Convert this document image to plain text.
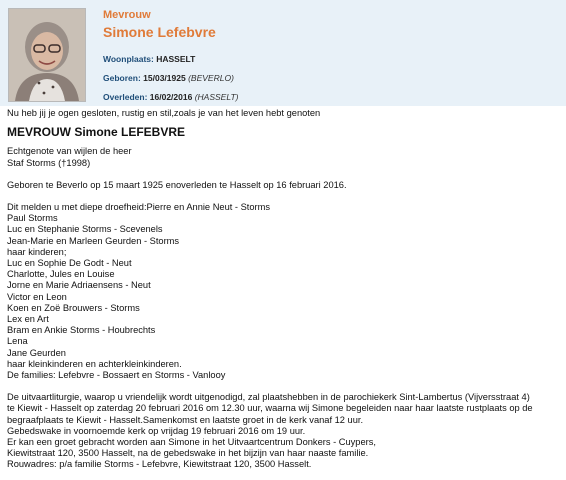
Mevrouw
Simone Lefebvre
Woonplaats: HASSELT
Geboren: 15/03/1925 (BEVERLO)
Overleden: 16/02/2016 (HASSELT)
Nu heb jij je ogen gesloten, rustig en stil,zoals je van het leven hebt genoten
MEVROUW Simone LEFEBVRE
Echtgenote van wijlen de heer
Staf Storms (†1998)
Geboren te Beverlo op 15 maart 1925 enoverleden te Hasselt op 16 februari 2016.
Dit melden u met diepe droefheid:Pierre en Annie Neut - Storms
Paul Storms
Luc en Stephanie Storms - Scevenels
Jean-Marie en Marleen Geurden - Storms
haar kinderen;
Luc en Sophie De Godt - Neut
Charlotte, Jules en Louise
Jorne en Marie Adriaensens - Neut
Victor en Leon
Koen en Zoë Brouwers - Storms
Lex en Art
Bram en Ankie Storms - Houbrechts
Lena
Jane Geurden
haar kleinkinderen en achterkleinkinderen.
De families: Lefebvre - Bossaert en Storms - Vanlooy
De uitvaartliturgie, waarop u vriendelijk wordt uitgenodigd, zal plaatshebben in de parochiekerk Sint-Lambertus (Vijversstraat 4)
te Kiewit - Hasselt op zaterdag 20 februari 2016 om 12.30 uur, waarna wij Simone begeleiden naar haar laatste rustplaats op de
begraafplaats te Kiewit - Hasselt.Samenkomst en laatste groet in de kerk vanaf 12 uur.
Gebedswake in voornoemde kerk op vrijdag 19 februari 2016 om 19 uur.
Er kan een groet gebracht worden aan Simone in het Uitvaartcentrum Donkers - Cuypers,
Kiewitstraat 120, 3500 Hasselt, na de gebedswake in het bijzijn van haar naaste familie.
Rouwadres: p/a familie Storms - Lefebvre, Kiewitstraat 120, 3500 Hasselt.
